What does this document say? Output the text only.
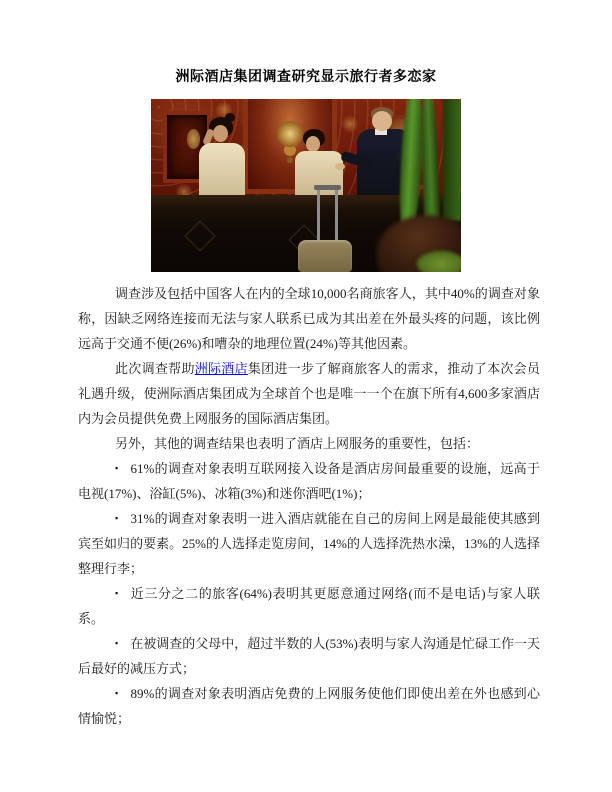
洲际酒店集团调查研究显示旅行者多恋家

调查涉及包括中国客人在内的全球10,000名商旅客人，其中40%的调查对象称，因缺乏网络连接而无法与家人联系已成为其出差在外最头疼的问题，该比例远高于交通不便(26%)和嘈杂的地理位置(24%)等其他因素。

此次调查帮助洲际酒店集团进一步了解商旅客人的需求，推动了本次会员礼遇升级，使洲际酒店集团成为全球首个也是唯一一个在旗下所有4,600多家酒店内为会员提供免费上网服务的国际酒店集团。

另外，其他的调查结果也表明了酒店上网服务的重要性，包括：

▪ 61%的调查对象表明互联网接入设备是酒店房间最重要的设施，远高于电视(17%)、浴缸(5%)、冰箱(3%)和迷你酒吧(1%)；

▪ 31%的调查对象表明一进入酒店就能在自己的房间上网是最能使其感到宾至如归的要素。25%的人选择走览房间，14%的人选择洗热水澡，13%的人选择整理行李；

▪ 近三分之二的旅客(64%)表明其更愿意通过网络(而不是电话)与家人联系。

▪ 在被调查的父母中，超过半数的人(53%)表明与家人沟通是忙碌工作一天后最好的减压方式；

▪ 89%的调查对象表明酒店免费的上网服务使他们即使出差在外也感到心情愉悦；
